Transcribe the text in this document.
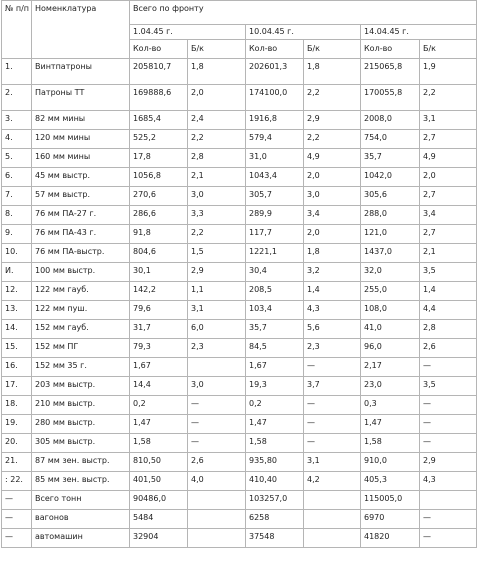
№ п/п	Номенклатура	Всего по фронту					
		1.04.45 г.		10.04.45 г.		14.04.45 г.	
		Кол-во	Б/к	Кол-во	Б/к	Кол-во	Б/к
1.	Винтпатроны	205810,7	1,8	202601,3	1,8	215065,8	1,9
2.	Патроны ТТ	169888,6	2,0	174100,0	2,2	170055,8	2,2
3.	82 мм мины	1685,4	2,4	1916,8	2,9	2008,0	3,1
4.	120 мм мины	525,2	2,2	579,4	2,2	754,0	2,7
5.	160 мм мины	17,8	2,8	31,0	4,9	35,7	4,9
6.	45 мм выстр.	1056,8	2,1	1043,4	2,0	1042,0	2,0
7.	57 мм выстр.	270,6	3,0	305,7	3,0	305,6	2,7
8.	76 мм ПА-27 г.	286,6	3,3	289,9	3,4	288,0	3,4
9.	76 мм ПА-43 г.	91,8	2,2	117,7	2,0	121,0	2,7
10.	76 мм ПА-выстр.	804,6	1,5	1221,1	1,8	1437,0	2,1
И.	100 мм выстр.	30,1	2,9	30,4	3,2	32,0	3,5
12.	122 мм гауб.	142,2	1,1	208,5	1,4	255,0	1,4
13.	122 мм пуш.	79,6	3,1	103,4	4,3	108,0	4,4
14.	152 мм гауб.	31,7	6,0	35,7	5,6	41,0	2,8
15.	152 мм ПГ	79,3	2,3	84,5	2,3	96,0	2,6
16.	152 мм 35 г.	1,67		1,67	—	2,17	—
17.	203 мм выстр.	14,4	3,0	19,3	3,7	23,0	3,5
18.	210 мм выстр.	0,2	—	0,2	—	0,3	—
19.	280 мм выстр.	1,47	—	1,47	—	1,47	—
20.	305 мм выстр.	1,58	—	1,58	—	1,58	—
21.	87 мм зен. выстр.	810,50	2,6	935,80	3,1	910,0	2,9
: 22.	85 мм зен. выстр.	401,50	4,0	410,40	4,2	405,3	4,3
—	Всего тонн	90486,0		103257,0		115005,0	
—	вагонов	5484		6258		6970	—
—	автомашин	32904		37548		41820	—
